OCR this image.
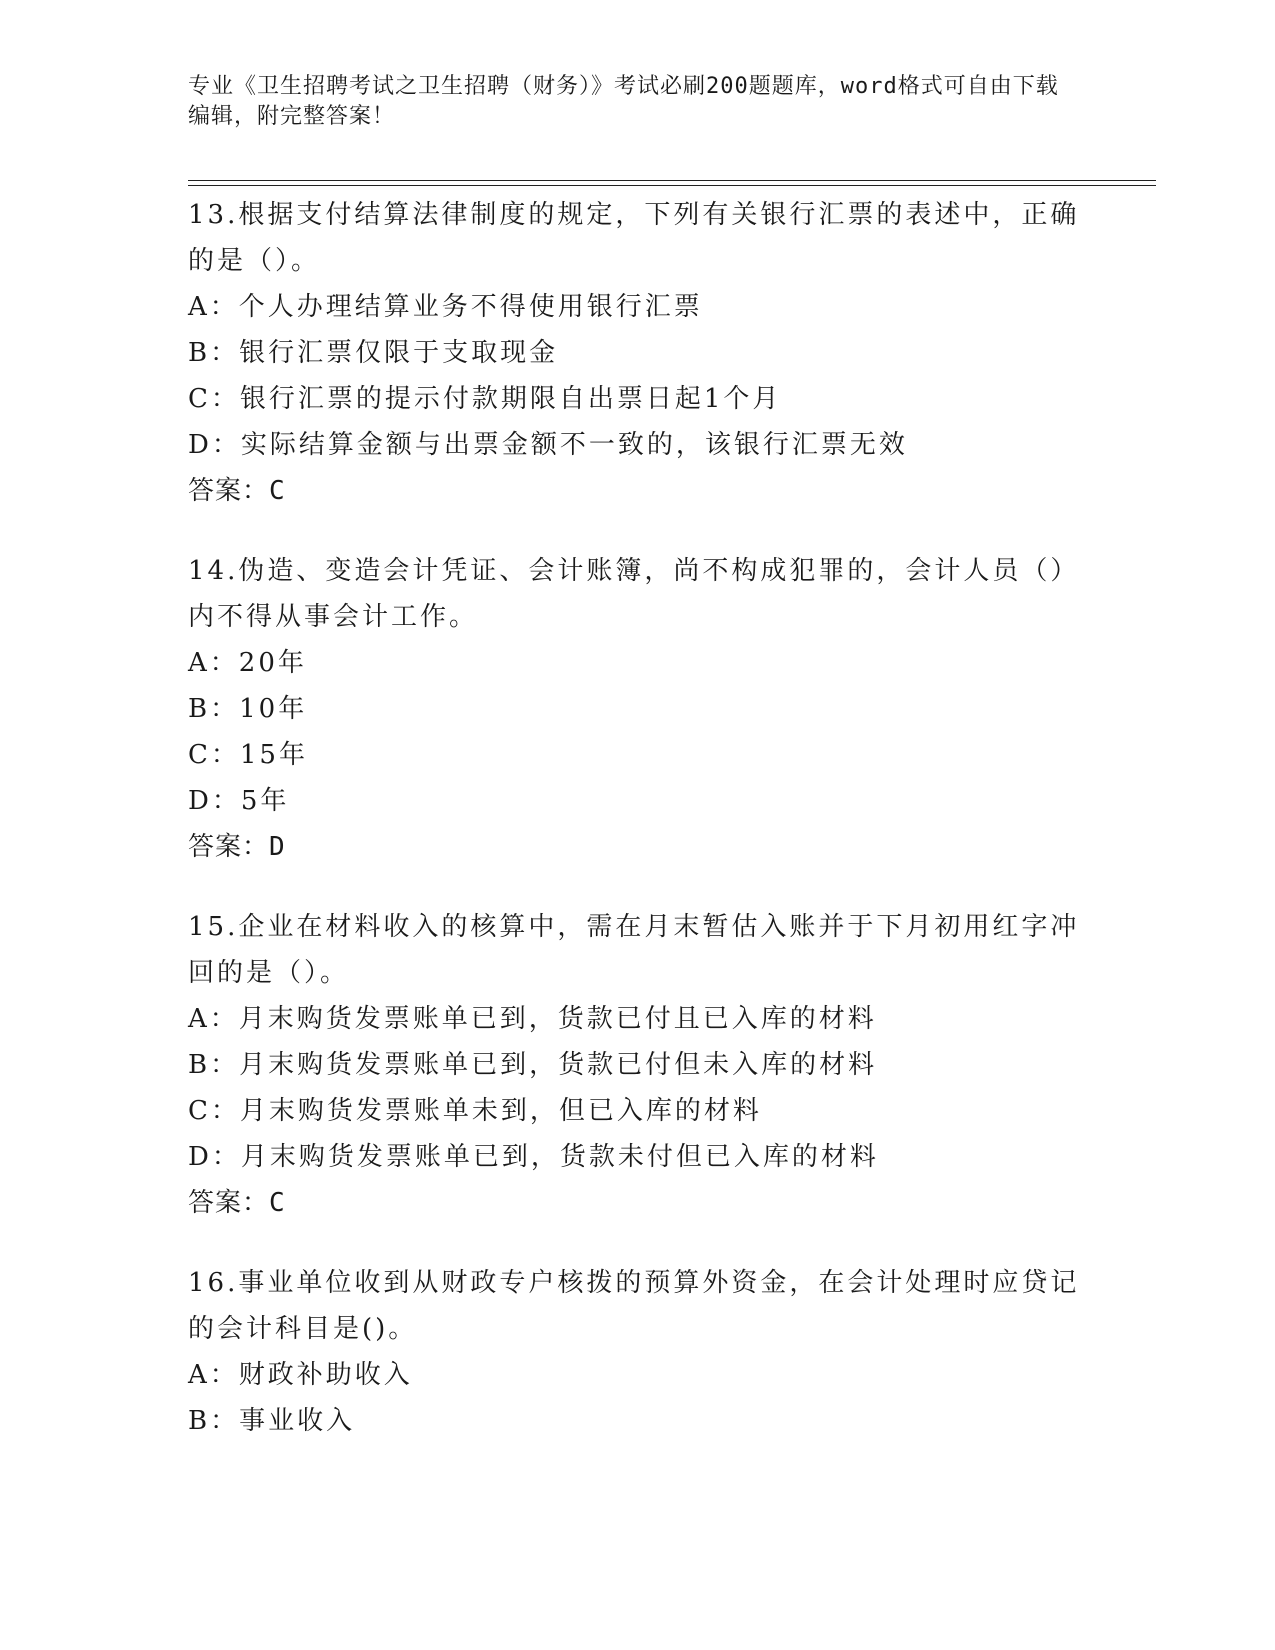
专业《卫生招聘考试之卫生招聘（财务）》考试必刷200题题库，word格式可自由下载编辑，附完整答案！
13.根据支付结算法律制度的规定，下列有关银行汇票的表述中，正确的是（）。
A：个人办理结算业务不得使用银行汇票
B：银行汇票仅限于支取现金
C：银行汇票的提示付款期限自出票日起1个月
D：实际结算金额与出票金额不一致的，该银行汇票无效
答案：C
14.伪造、变造会计凭证、会计账簿，尚不构成犯罪的，会计人员（）内不得从事会计工作。
A：20年
B：10年
C：15年
D：5年
答案：D
15.企业在材料收入的核算中，需在月末暂估入账并于下月初用红字冲回的是（）。
A：月末购货发票账单已到，货款已付且已入库的材料
B：月末购货发票账单已到，货款已付但未入库的材料
C：月末购货发票账单未到，但已入库的材料
D：月末购货发票账单已到，货款未付但已入库的材料
答案：C
16.事业单位收到从财政专户核拨的预算外资金，在会计处理时应贷记的会计科目是()。
A：财政补助收入
B：事业收入
